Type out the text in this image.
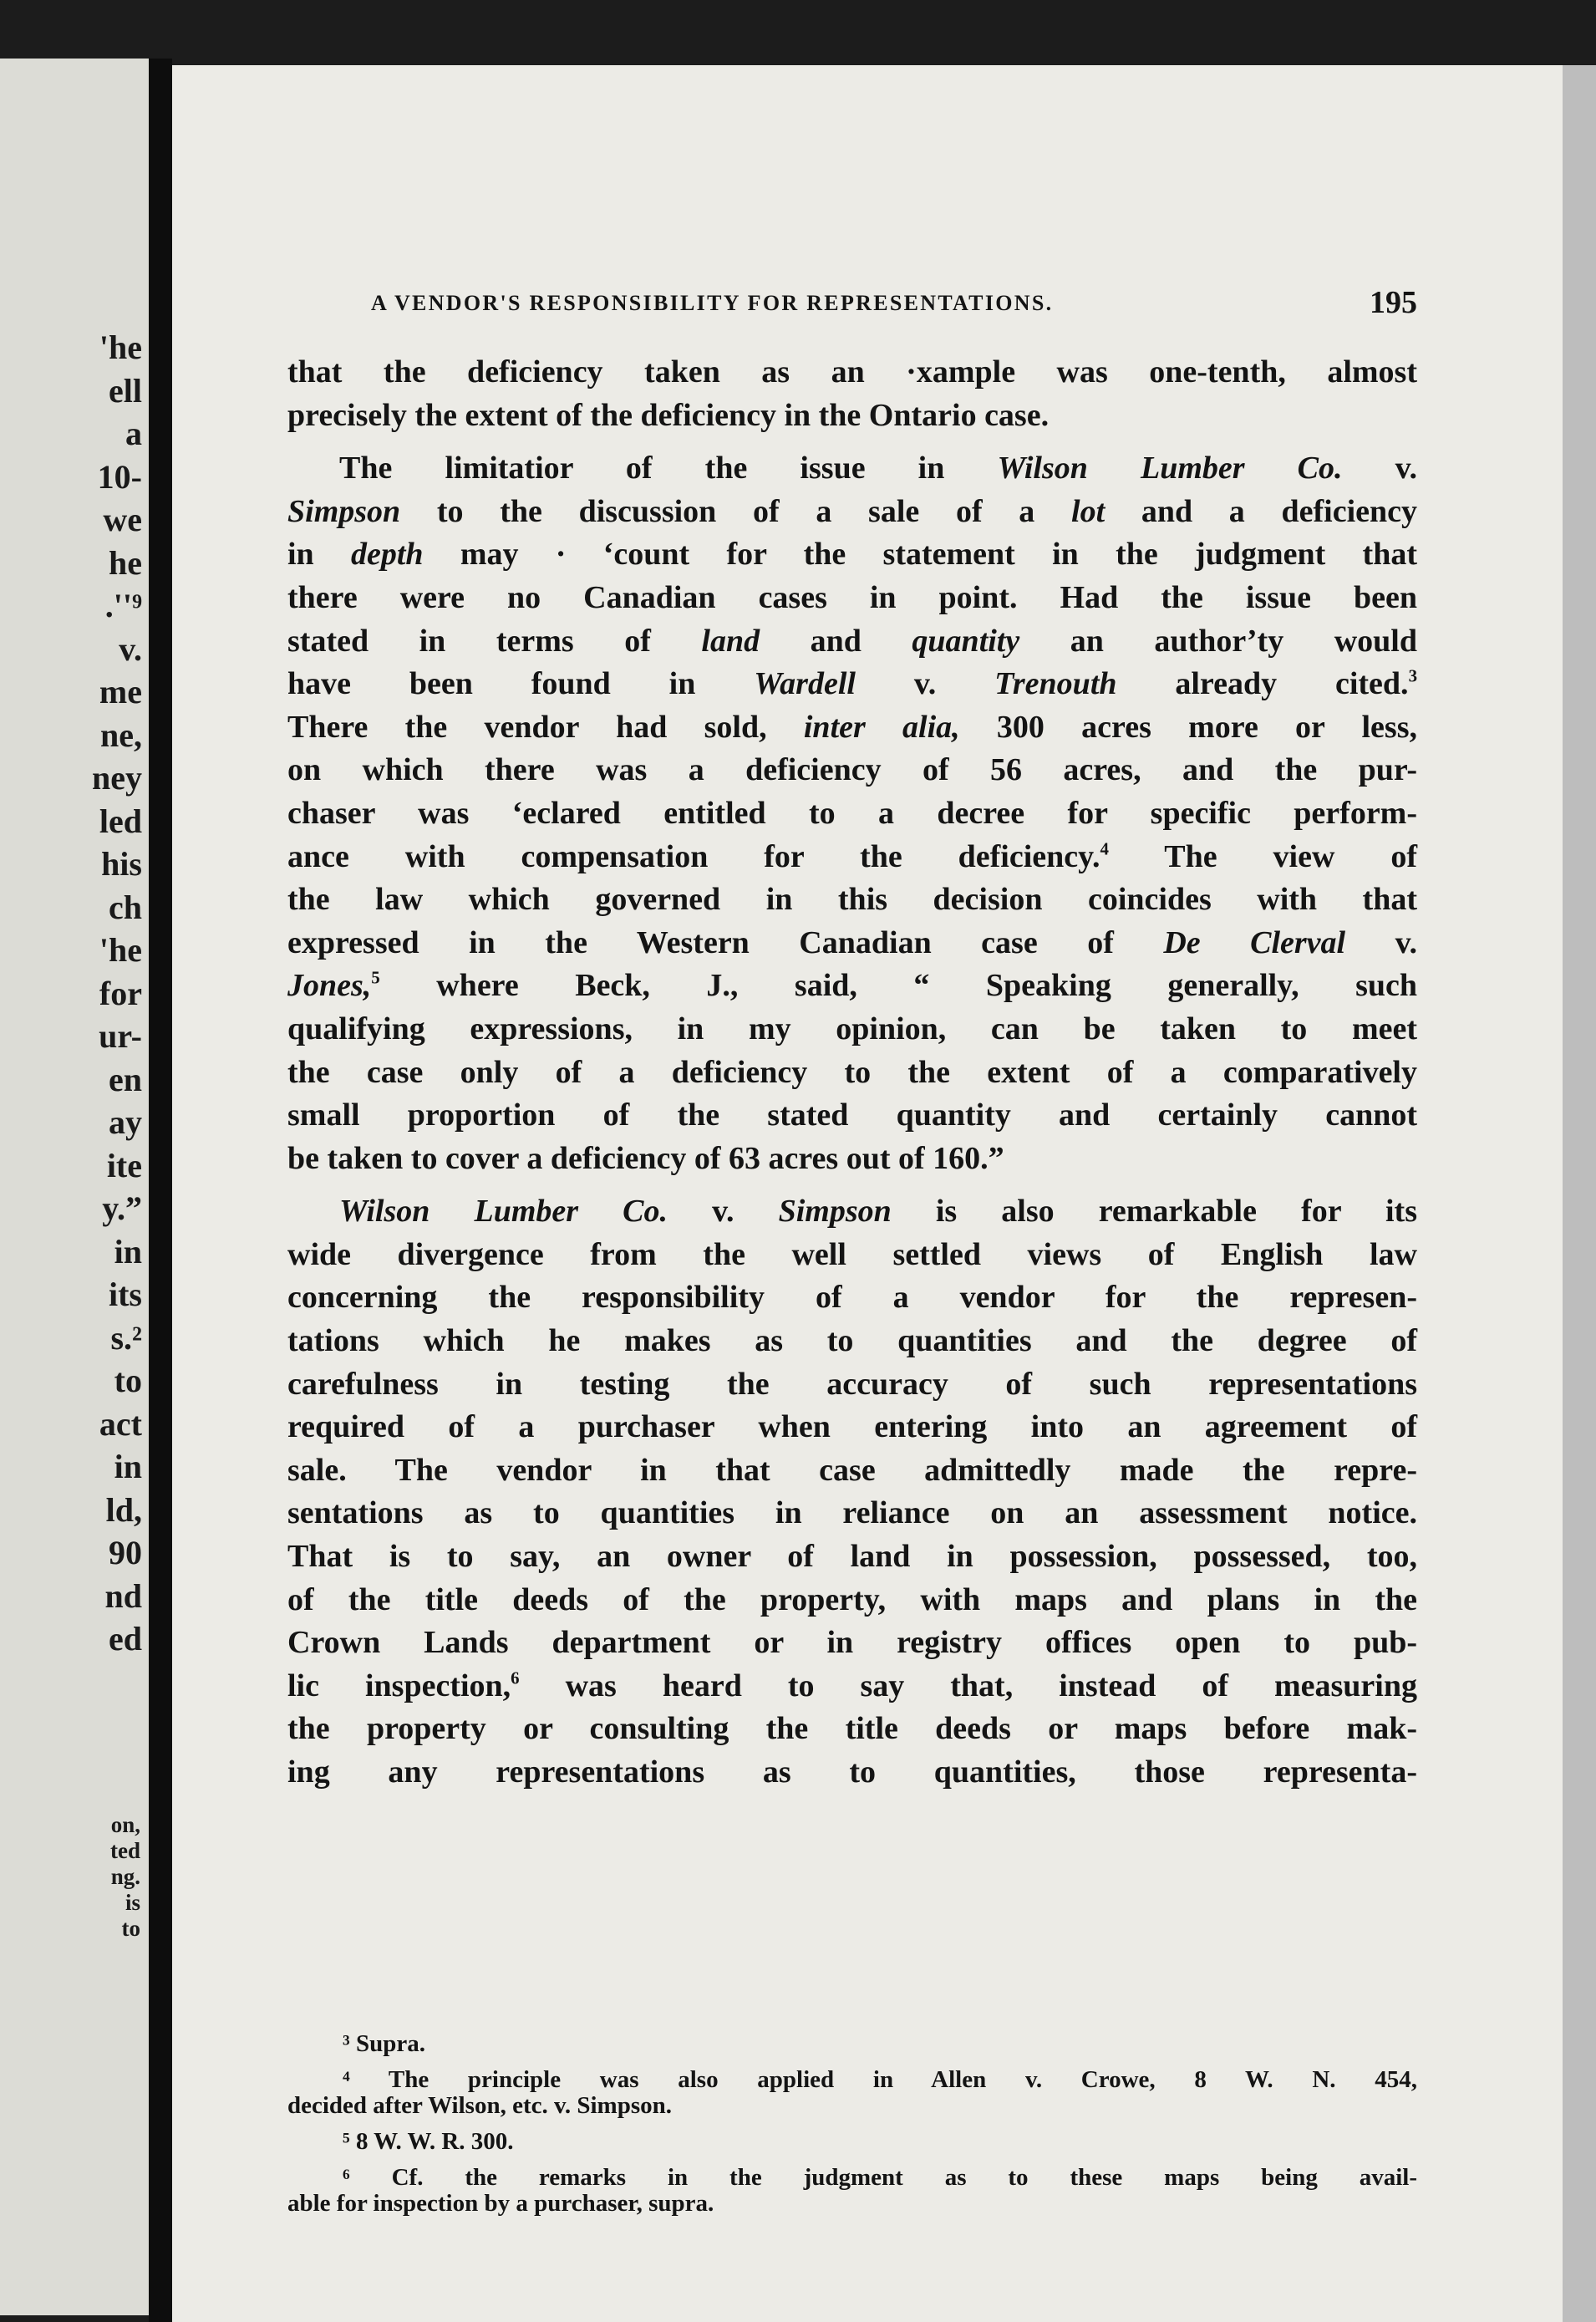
'he
ell
a
10-
we
he
.''⁹
v.
me
ne,
ney
led
his
ch
'he
for
ur-
en
ay
ite
y.”
in
its
s.²
to
act
in
ld,
90
nd
ed
on,
ted
ng.
is
to
A VENDOR'S RESPONSIBILITY FOR REPRESENTATIONS.	195
that the deficiency taken as an ·xample was one-tenth, almost
precisely the extent of the deficiency in the Ontario case.
The limitatior of the issue in Wilson Lumber Co. v.
Simpson to the discussion of a sale of a lot and a deficiency
in depth may · ‘count for the statement in the judgment that
there were no Canadian cases in point. Had the issue been
stated in terms of land and quantity an author’ty would
have been found in Wardell v. Trenouth already cited.$^3$
There the vendor had sold, inter alia, 300 acres more or less,
on which there was a deficiency of 56 acres, and the pur-
chaser was ‘eclared entitled to a decree for specific perform-
ance with compensation for the deficiency.$^4$ The view of
the law which governed in this decision coincides with that
expressed in the Western Canadian case of De Clerval v.
Jones,$^5$ where Beck, J., said, “ Speaking generally, such
qualifying expressions, in my opinion, can be taken to meet
the case only of a deficiency to the extent of a comparatively
small proportion of the stated quantity and certainly cannot
be taken to cover a deficiency of 63 acres out of 160.”
Wilson Lumber Co. v. Simpson is also remarkable for its
wide divergence from the well settled views of English law
concerning the responsibility of a vendor for the represen-
tations which he makes as to quantities and the degree of
carefulness in testing the accuracy of such representations
required of a purchaser when entering into an agreement of
sale. The vendor in that case admittedly made the repre-
sentations as to quantities in reliance on an assessment notice.
That is to say, an owner of land in possession, possessed, too,
of the title deeds of the property, with maps and plans in the
Crown Lands department or in registry offices open to pub-
lic inspection,$^6$ was heard to say that, instead of measuring
the property or consulting the title deeds or maps before mak-
ing any representations as to quantities, those representa-
³ Supra.
⁴ The principle was also applied in Allen v. Crowe, 8 W. N. 454,
decided after Wilson, etc. v. Simpson.
⁵ 8 W. W. R. 300.
⁶ Cf. the remarks in the judgment as to these maps being avail-
able for inspection by a purchaser, supra.
